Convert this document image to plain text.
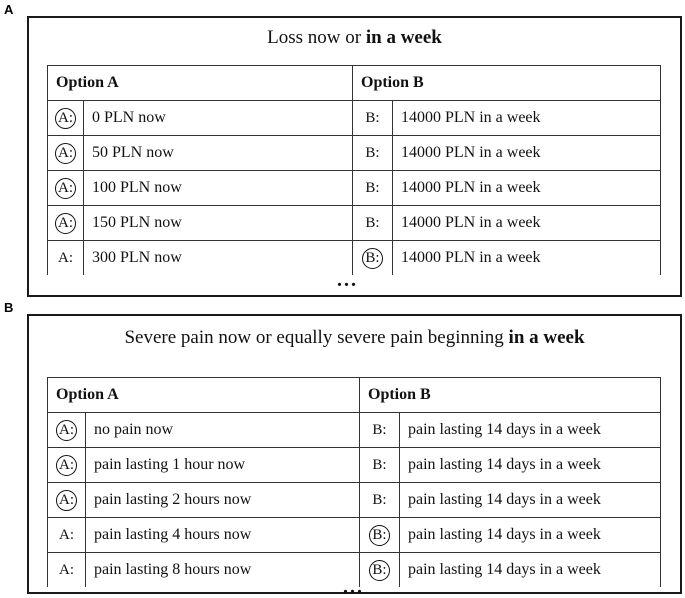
A
Loss now or in a week
Option A		Option B	
A:	0 PLN now	B:	14000 PLN in a week
A:	50 PLN now	B:	14000 PLN in a week
A:	100 PLN now	B:	14000 PLN in a week
A:	150 PLN now	B:	14000 PLN in a week
A:	300 PLN now	B:	14000 PLN in a week
...
B
Severe pain now or equally severe pain beginning in a week
Option A		Option B	
A:	no pain now	B:	pain lasting 14 days in a week
A:	pain lasting 1 hour now	B:	pain lasting 14 days in a week
A:	pain lasting 2 hours now	B:	pain lasting 14 days in a week
A:	pain lasting 4 hours now	B:	pain lasting 14 days in a week
A:	pain lasting 8 hours now	B:	pain lasting 14 days in a week
...
